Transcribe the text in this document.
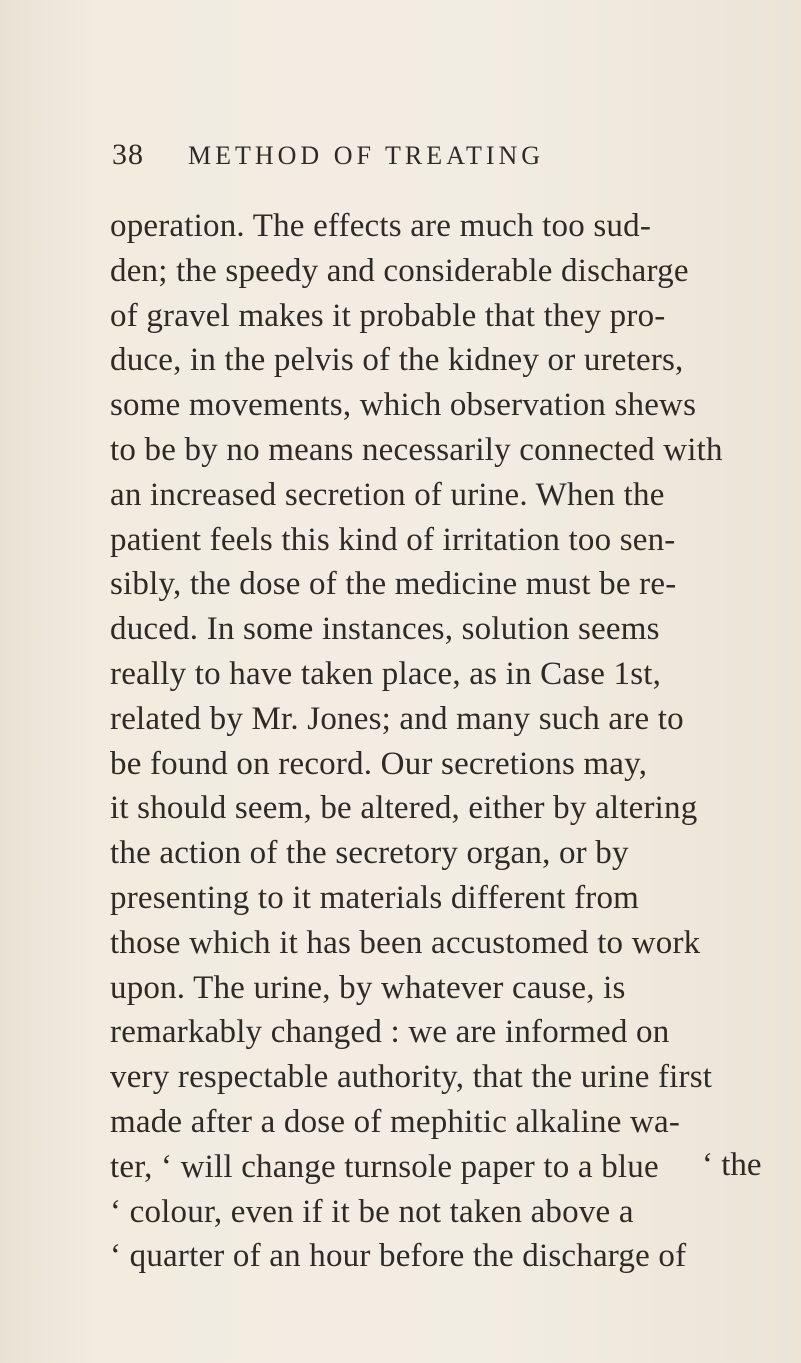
38	METHOD OF TREATING
operation. The effects are much too sud-
den; the speedy and considerable discharge
of gravel makes it probable that they pro-
duce, in the pelvis of the kidney or ureters,
some movements, which observation shews
to be by no means necessarily connected with
an increased secretion of urine. When the
patient feels this kind of irritation too sen-
sibly, the dose of the medicine must be re-
duced. In some instances, solution seems
really to have taken place, as in Case 1st,
related by Mr. Jones; and many such are to
be found on record. Our secretions may,
it should seem, be altered, either by altering
the action of the secretory organ, or by
presenting to it materials different from
those which it has been accustomed to work
upon. The urine, by whatever cause, is
remarkably changed : we are informed on
very respectable authority, that the urine first
made after a dose of mephitic alkaline wa-
ter, ‘ will change turnsole paper to a blue
‘ colour, even if it be not taken above a
‘ quarter of an hour before the discharge of
‘ the
